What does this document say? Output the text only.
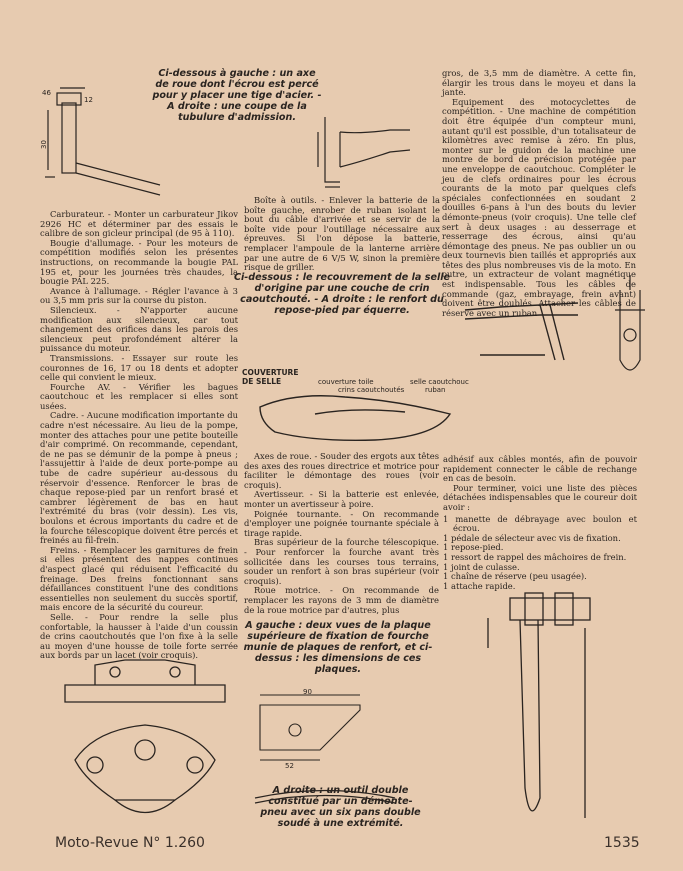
46
12
30
Ci-dessous à gauche : un axe de roue dont l'écrou est percé pour y placer une tige d'acier. - A droite : une coupe de la tubulure d'admission.

Carburateur. - Monter un carburateur Jikov 2926 HC et déterminer par des essais le calibre de son gicleur principal (de 95 à 110).

Bougie d'allumage. - Pour les moteurs de compétition modifiés selon les présentes instructions, on recommande la bougie PAL 195 et, pour les journées très chaudes, la bougie PAL 225.

Avance à l'allumage. - Régler l'avance à 3 ou 3,5 mm pris sur la course du piston.

Silencieux. - N'apporter aucune modification aux silencieux, car tout changement des orifices dans les parois des silencieux peut profondément altérer la puissance du moteur.

Transmissions. - Essayer sur route les couronnes de 16, 17 ou 18 dents et adopter celle qui convient le mieux.

Fourche AV. - Vérifier les bagues caoutchouc et les remplacer si elles sont usées.

Cadre. - Aucune modification importante du cadre n'est nécessaire. Au lieu de la pompe, monter des attaches pour une petite bouteille d'air comprimé. On recommande, cependant, de ne pas se démunir de la pompe à pneus ; l'assujettir à l'aide de deux porte-pompe au tube de cadre supérieur au-dessous du réservoir d'essence. Renforcer le bras de chaque repose-pied par un renfort brasé et cambrer légèrement de bas en haut l'extrémité du bras (voir dessin). Les vis, boulons et écrous importants du cadre et de la fourche télescopique doivent être percés et freinés au fil-frein.

Freins. - Remplacer les garnitures de frein si elles présentent des nappes continues d'aspect glacé qui réduisent l'efficacité du freinage. Des freins fonctionnant sans défaillances constituent l'une des conditions essentielles non seulement du succès sportif, mais encore de la sécurité du coureur.

Selle. - Pour rendre la selle plus confortable, la hausser à l'aide d'un coussin de crins caoutchoutés que l'on fixe à la selle au moyen d'une housse de toile forte serrée aux bords par un lacet (voir croquis).

Boîte à outils. - Enlever la batterie de la boîte gauche, enrober de ruban isolant le bout du câble d'arrivée et se servir de la boîte vide pour l'outillage nécessaire aux épreuves. Si l'on dépose la batterie, remplacer l'ampoule de la lanterne arrière par une autre de 6 V/5 W, sinon la première risque de griller.

gros, de 3,5 mm de diamètre. A cette fin, élargir les trous dans le moyeu et dans la jante.

Equipement des motocyclettes de compétition. - Une machine de compétition doit être équipée d'un compteur muni, autant qu'il est possible, d'un totalisateur de kilomètres avec remise à zéro. En plus, monter sur le guidon de la machine une montre de bord de précision protégée par une enveloppe de caoutchouc. Compléter le jeu de clefs ordinaires pour les écrous courants de la moto par quelques clefs spéciales confectionnées en soudant 2 douilles 6-pans à l'un des bouts du levier démonte-pneus (voir croquis). Une telle clef sert à deux usages : au desserrage et resserrage des écrous, ainsi qu'au démontage des pneus. Ne pas oublier un ou deux tournevis bien taillés et appropriés aux têtes des plus nombreuses vis de la moto. En outre, un extracteur de volant magnétique est indispensable. Tous les câbles de commande (gaz, embrayage, frein avant) doivent être doublés. Attacher les câbles de réserve avec un ruban

Ci-dessous : le recouvrement de la selle d'origine par une couche de crin caoutchouté. - A droite : le renfort du repose-pied par équerre.
COUVERTURE DE SELLE	couverture toile
crins caoutchoutés
selle caoutchouc
ruban

Axes de roue. - Souder des ergots aux têtes des axes des roues directrice et motrice pour faciliter le démontage des roues (voir croquis).

Avertisseur. - Si la batterie est enlevée, monter un avertisseur à poire.

Poignée tournante. - On recommande d'employer une poignée tournante spéciale à tirage rapide.

Bras supérieur de la fourche télescopique. - Pour renforcer la fourche avant très sollicitée dans les courses tous terrains, souder un renfort à son bras supérieur (voir croquis).

Roue motrice. - On recommande de remplacer les rayons de 3 mm de diamètre de la roue motrice par d'autres, plus

adhésif aux câbles montés, afin de pouvoir rapidement connecter le câble de rechange en cas de besoin.

Pour terminer, voici une liste des pièces détachées indispensables que le coureur doit avoir :

1 manette de débrayage avec boulon et écrou.
1 pédale de sélecteur avec vis de fixation.
1 repose-pied.
1 ressort de rappel des mâchoires de frein.
1 joint de culasse.
1 chaîne de réserve (peu usagée).
1 attache rapide.
A gauche : deux vues de la plaque supérieure de fixation de fourche munie de plaques de renfort, et ci-dessus : les dimensions de ces plaques.
90
52
A droite : un outil double constitué par un démonte-pneu avec un six pans double soudé à une extrémité.
Moto-Revue N° 1.260	1535
